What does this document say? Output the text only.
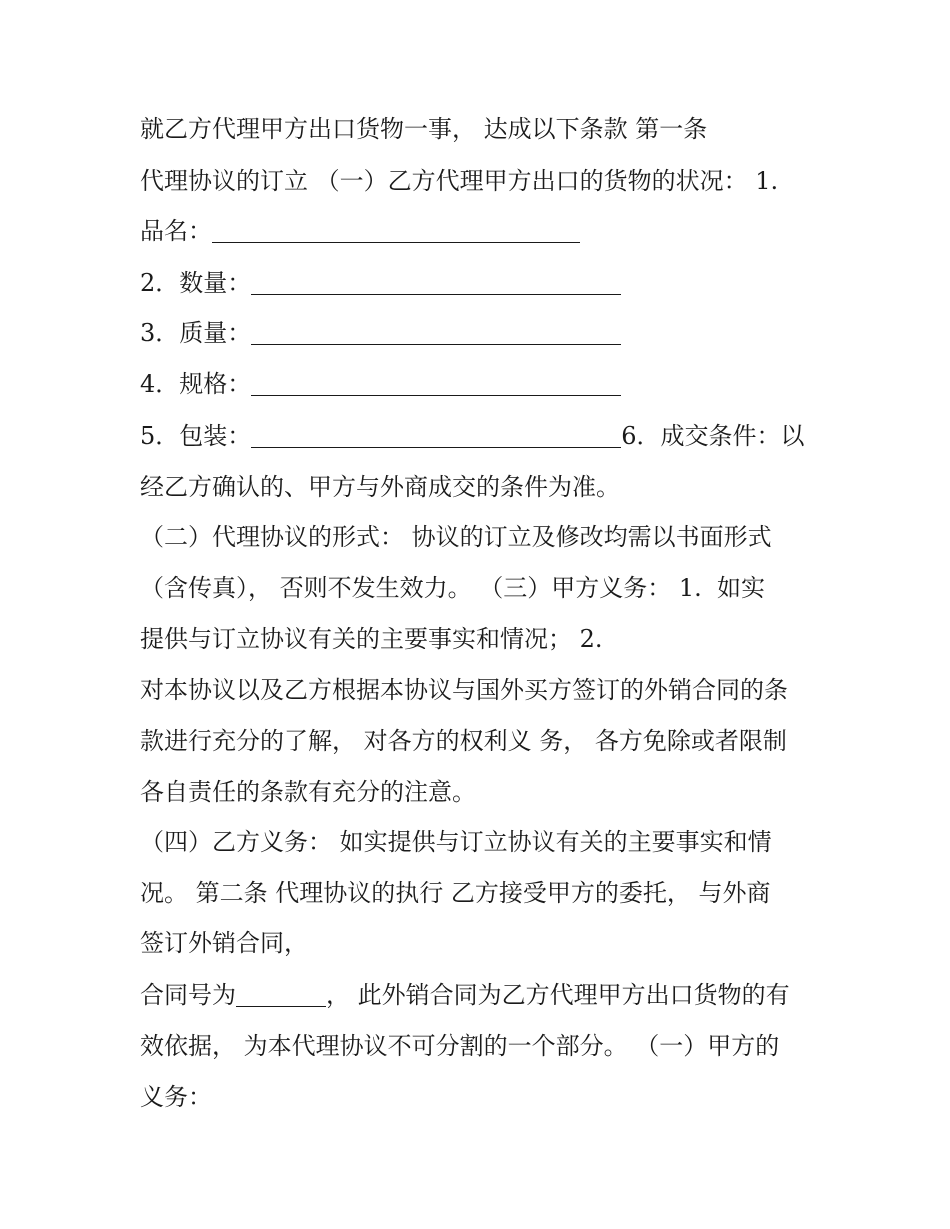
就乙方代理甲方出口货物一事， 达成以下条款 第一条
代理协议的订立 （一）乙方代理甲方出口的货物的状况： 1.
品名：
2．数量：
3．质量：
4．规格：
5．包装：	6．成交条件：以
经乙方确认的、甲方与外商成交的条件为准。
（二）代理协议的形式： 协议的订立及修改均需以书面形式
（含传真）， 否则不发生效力。 （三）甲方义务： 1.  如实
提供与订立协议有关的主要事实和情况； 2.
对本协议以及乙方根据本协议与国外买方签订的外销合同的条
款进行充分的了解， 对各方的权利义 务， 各方免除或者限制
各自责任的条款有充分的注意。
（四）乙方义务： 如实提供与订立协议有关的主要事实和情
况。 第二条 代理协议的执行 乙方接受甲方的委托， 与外商
签订外销合同，
合同号为	， 此外销合同为乙方代理甲方出口货物的有
效依据， 为本代理协议不可分割的一个部分。 （一）甲方的
义务：
